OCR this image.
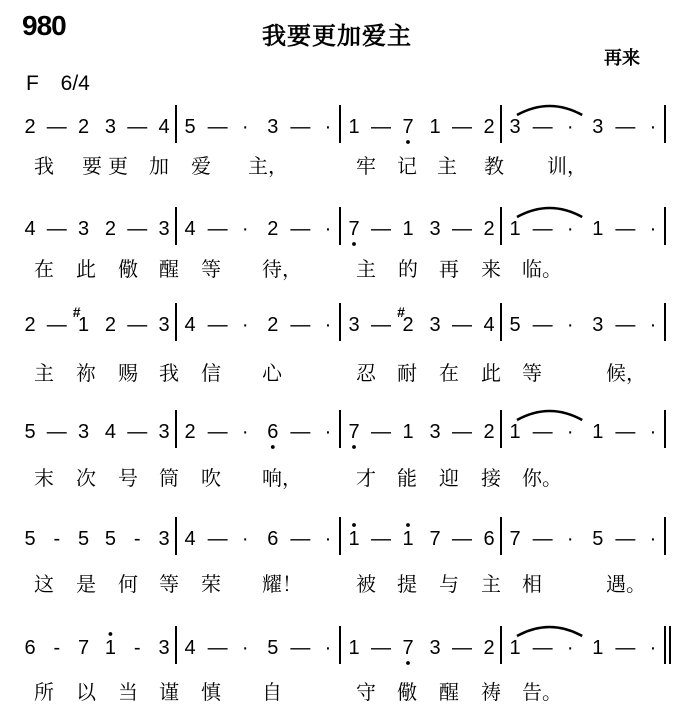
980	我要更加爱主
再来
F 6/4
2 — 2 3 — 4 5 — · 3 — · 1 — 7 1 — 2 3 — · 3 — ·
我 要 更 加 爱 主，	牢 记 主 教 训，
4 — 3 2 — 3 4 — · 2 — · 7 — 1 3 — 2 1 — · 1 — ·
在 此 儆 醒 等 待，	主 的 再 来 临。
2 — 1
#
2 — 3 4 — · 2 — · 3 — 2
#
3 — 4 5 — · 3 — ·
主 祢 赐 我 信 心	忍 耐 在 此 等	候，
5 — 3 4 — 3 2 — · 6 — · 7 — 1 3 — 2 1 — · 1 — ·
末 次 号 筒 吹 响，	才 能 迎 接 你。
5 - 5 5 - 3 4 — · 6 — · 1 — 1 7 — 6 7 — · 5 — ·
这 是 何 等 荣 耀！	被 提 与 主 相	遇。
6 - 7 1 - 3 4 — · 5 — · 1 — 7 3 — 2 1 — · 1 — ·
所 以 当 谨 慎 自	守 儆 醒 祷 告。
